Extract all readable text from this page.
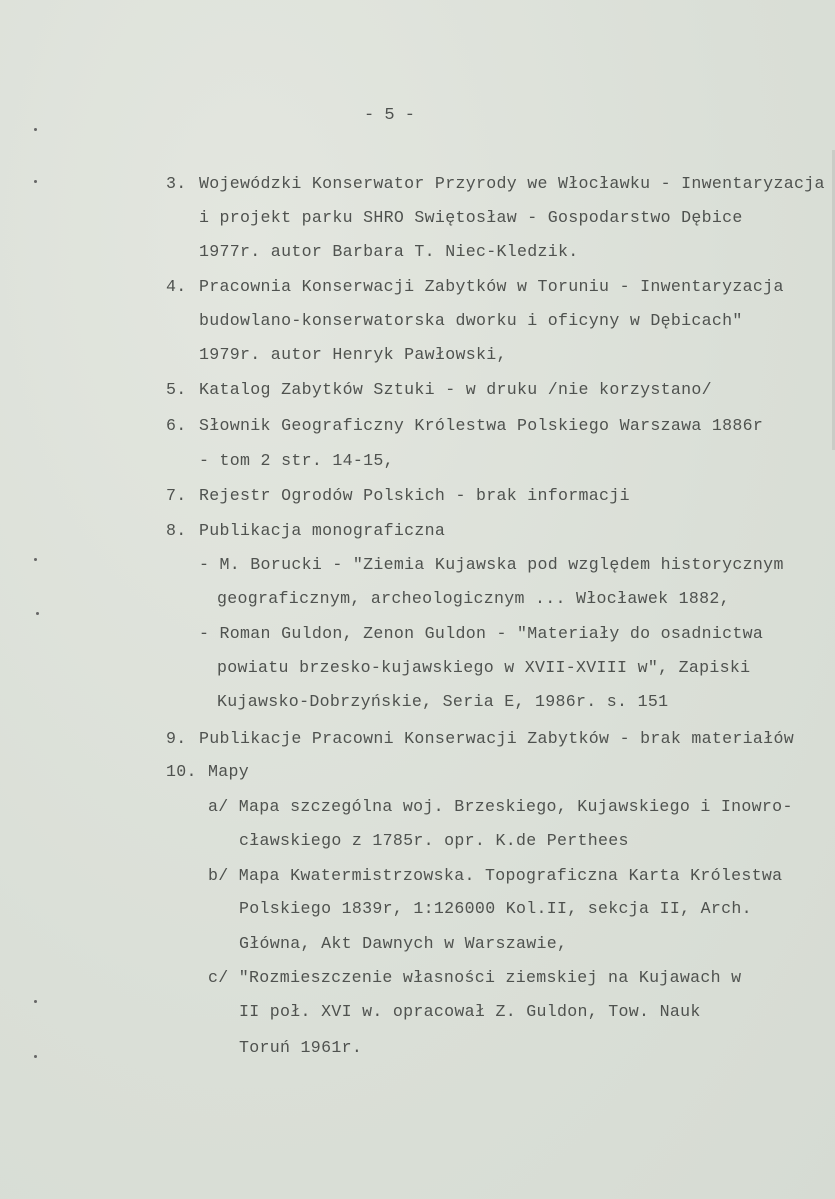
- 5 -
3. Wojewódzki Konserwator Przyrody we Włocławku - Inwentaryzacja
i projekt parku SHRO Swiętosław - Gospodarstwo Dębice
1977r. autor Barbara T. Niec-Kledzik.
4. Pracownia Konserwacji Zabytków w Toruniu - Inwentaryzacja
budowlano-konserwatorska dworku i oficyny w Dębicach"
1979r. autor Henryk Pawłowski,
5. Katalog Zabytków Sztuki - w druku /nie korzystano/
6. Słownik Geograficzny Królestwa Polskiego Warszawa 1886r
- tom 2 str. 14-15,
7. Rejestr Ogrodów Polskich - brak informacji
8. Publikacja monograficzna
- M. Borucki - "Ziemia Kujawska pod względem historycznym
geograficznym, archeologicznym ... Włocławek 1882,
- Roman Guldon, Zenon Guldon - "Materiały do osadnictwa
powiatu brzesko-kujawskiego w XVII-XVIII w", Zapiski
Kujawsko-Dobrzyńskie, Seria E, 1986r. s. 151
9. Publikacje Pracowni Konserwacji Zabytków - brak materiałów
10. Mapy
a/ Mapa szczególna woj. Brzeskiego, Kujawskiego i Inowro-
cławskiego z 1785r. opr. K.de Perthees
b/ Mapa Kwatermistrzowska. Topograficzna Karta Królestwa
Polskiego 1839r, 1:126000 Kol.II, sekcja II, Arch.
Główna, Akt Dawnych w Warszawie,
c/ "Rozmieszczenie własności ziemskiej na Kujawach w
II poł. XVI w. opracował Z. Guldon, Tow. Nauk
Toruń 1961r.
